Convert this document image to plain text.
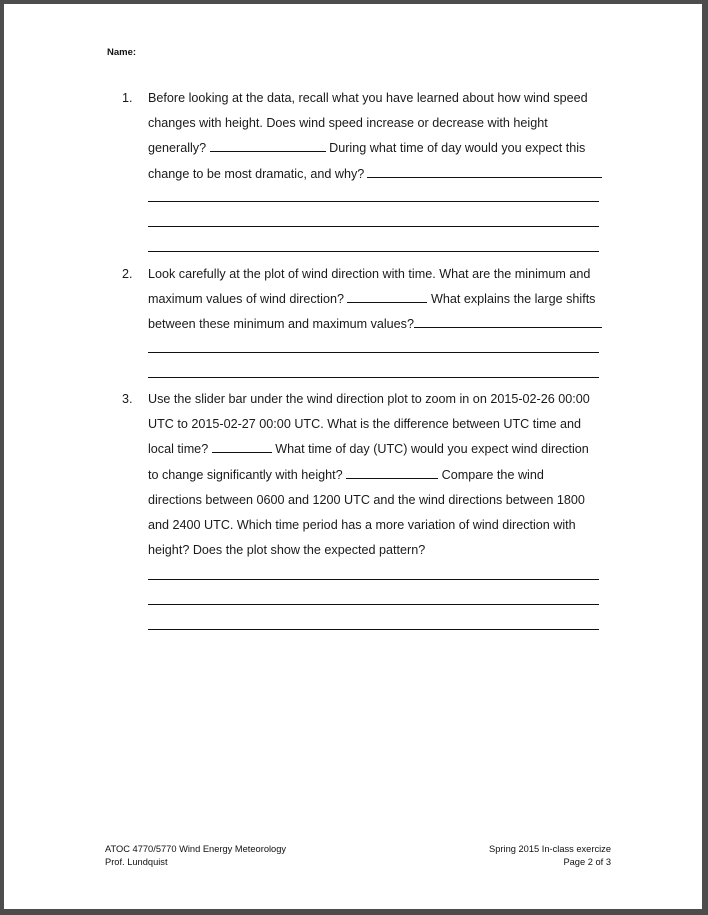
Name:
1. Before looking at the data, recall what you have learned about how wind speed
changes with height. Does wind speed increase or decrease with height
generally?	During what time of day would you expect this
change to be most dramatic, and why?
2. Look carefully at the plot of wind direction with time. What are the minimum and
maximum values of wind direction?	What explains the large shifts
between these minimum and maximum values?
3. Use the slider bar under the wind direction plot to zoom in on 2015-02-26 00:00
UTC to 2015-02-27 00:00 UTC. What is the difference between UTC time and
local time?	What time of day (UTC) would you expect wind direction
to change significantly with height?	Compare the wind
directions between 0600 and 1200 UTC and the wind directions between 1800
and 2400 UTC. Which time period has a more variation of wind direction with
height? Does the plot show the expected pattern?
ATOC 4770/5770 Wind Energy Meteorology
Prof. Lundquist
Spring 2015 In-class exercize
Page 2 of 3
